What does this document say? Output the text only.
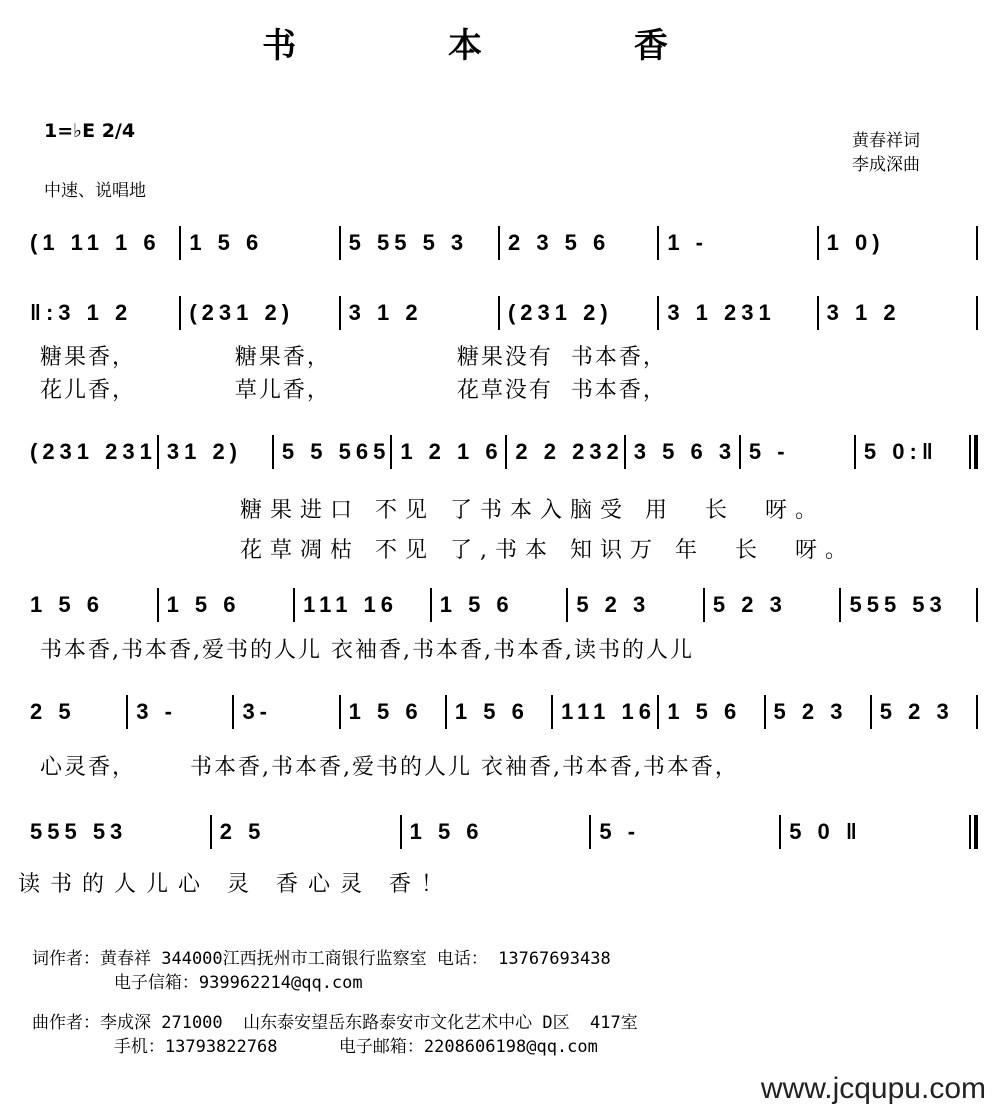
书 本 香
1=♭E 2/4
中速、说唱地
黄春祥词
李成深曲
(1 11 1 6	1 5 6	5 55 5 3	2 3 5 6	1 -	1 0)
‖:3 1 2	(231 2)	3 1 2	(231 2)	3 1 231	3 1 2
(231 231 31 2)	5 5 565 1 2 1 6 2 2 232 3 5 6 3 5 -	5 0:‖
1 5 6	1 5 6	111 16	1 5 6	5 2 3	5 2 3	555 53
2 5	3 -	3-	1 5 6	1 5 6	111 16 1 5 6	5 2 3	5 2 3
555 53	2 5	1 5 6	5 -	5 0 ‖
词作者：黄春祥 344000江西抚州市工商银行监察室 电话： 13767693438
电子信箱：939962214@qq.com
曲作者：李成深 271000  山东泰安望岳东路泰安市文化艺术中心 D区  417室
手机：13793822768      电子邮箱：2208606198@qq.com
www.jcqupu.com
糖果香，           糖果香，              糖果没有  书本香，
花儿香，           草儿香，              花草没有  书本香，
糖果进口 不见 了书本入脑受 用  长  呀。
花草凋枯 不见 了,书本 知识万 年  长  呀。
书本香,书本香,爱书的人儿 衣袖香,书本香,书本香,读书的人儿
心灵香，      书本香,书本香,爱书的人儿 衣袖香,书本香,书本香，
读书的人儿心 灵 香心灵 香！
